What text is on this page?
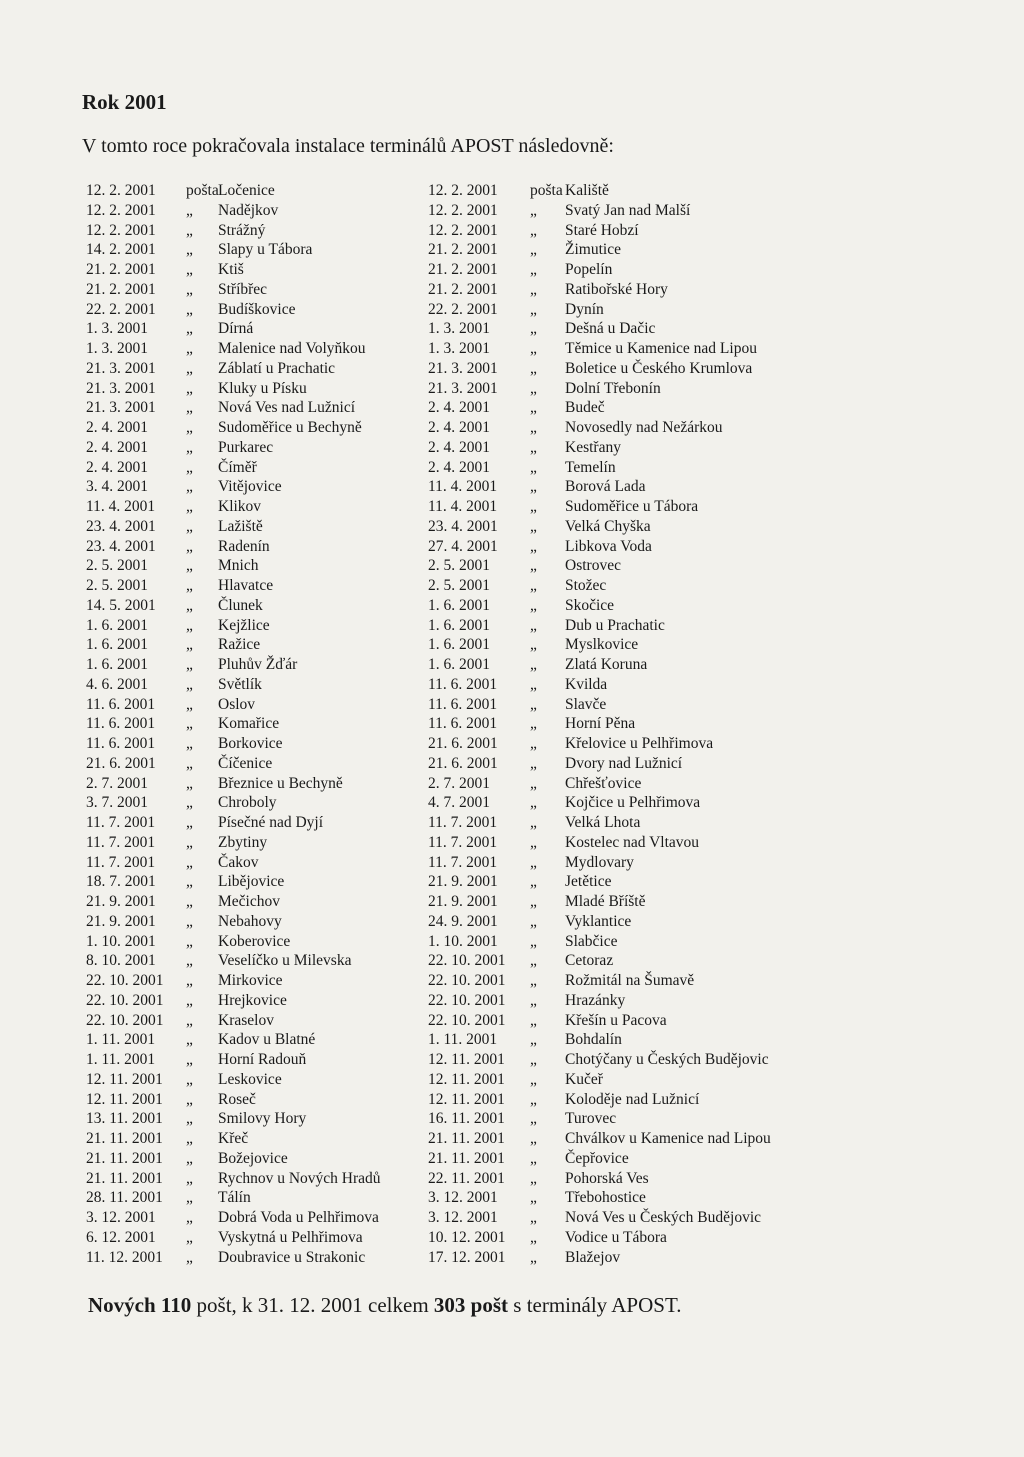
Rok 2001
V tomto roce pokračovala instalace terminálů APOST následovně:
12. 2. 2001 pošta Ločenice
12. 2. 2001 „ Nadějkov
12. 2. 2001 „ Strážný
14. 2. 2001 „ Slapy u Tábora
21. 2. 2001 „ Ktiš
21. 2. 2001 „ Stříbřec
22. 2. 2001 „ Budíškovice
1. 3. 2001 „ Dírná
1. 3. 2001 „ Malenice nad Volyňkou
21. 3. 2001 „ Záblatí u Prachatic
21. 3. 2001 „ Kluky u Písku
21. 3. 2001 „ Nová Ves nad Lužnicí
2. 4. 2001 „ Sudoměřice u Bechyně
2. 4. 2001 „ Purkarec
2. 4. 2001 „ Číměř
3. 4. 2001 „ Vitějovice
11. 4. 2001 „ Klikov
23. 4. 2001 „ Lažiště
23. 4. 2001 „ Radenín
2. 5. 2001 „ Mnich
2. 5. 2001 „ Hlavatce
14. 5. 2001 „ Člunek
1. 6. 2001 „ Kejžlice
1. 6. 2001 „ Ražice
1. 6. 2001 „ Pluhův Žďár
4. 6. 2001 „ Světlík
11. 6. 2001 „ Oslov
11. 6. 2001 „ Komařice
11. 6. 2001 „ Borkovice
21. 6. 2001 „ Číčenice
2. 7. 2001 „ Březnice u Bechyně
3. 7. 2001 „ Chroboly
11. 7. 2001 „ Písečné nad Dyjí
11. 7. 2001 „ Zbytiny
11. 7. 2001 „ Čakov
18. 7. 2001 „ Libějovice
21. 9. 2001 „ Mečichov
21. 9. 2001 „ Nebahovy
1. 10. 2001 „ Koberovice
8. 10. 2001 „ Veselíčko u Milevska
22. 10. 2001 „ Mirkovice
22. 10. 2001 „ Hrejkovice
22. 10. 2001 „ Kraselov
1. 11. 2001 „ Kadov u Blatné
1. 11. 2001 „ Horní Radouň
12. 11. 2001 „ Leskovice
12. 11. 2001 „ Roseč
13. 11. 2001 „ Smilovy Hory
21. 11. 2001 „ Křeč
21. 11. 2001 „ Božejovice
21. 11. 2001 „ Rychnov u Nových Hradů
28. 11. 2001 „ Tálín
3. 12. 2001 „ Dobrá Voda u Pelhřimova
6. 12. 2001 „ Vyskytná u Pelhřimova
11. 12. 2001 „ Doubravice u Strakonic
12. 2. 2001 pošta Kaliště
12. 2. 2001 „ Svatý Jan nad Malší
12. 2. 2001 „ Staré Hobzí
21. 2. 2001 „ Žimutice
21. 2. 2001 „ Popelín
21. 2. 2001 „ Ratibořské Hory
22. 2. 2001 „ Dynín
1. 3. 2001	„ Dešná u Dačic
1. 3. 2001	„ Těmice u Kamenice nad Lipou
21. 3. 2001 „ Boletice u Českého Krumlova
21. 3. 2001 „ Dolní Třebonín
2. 4. 2001	„ Budeč
2. 4. 2001	„ Novosedly nad Nežárkou
2. 4. 2001	„ Kestřany
2. 4. 2001	„ Temelín
11. 4. 2001 „ Borová Lada
11. 4. 2001 „ Sudoměřice u Tábora
23. 4. 2001 „ Velká Chyška
27. 4. 2001 „ Libkova Voda
2. 5. 2001	„ Ostrovec
2. 5. 2001	„ Stožec
1. 6. 2001	„ Skočice
1. 6. 2001	„ Dub u Prachatic
1. 6. 2001	„ Myslkovice
1. 6. 2001	„ Zlatá Koruna
11. 6. 2001 „ Kvilda
11. 6. 2001 „ Slavče
11. 6. 2001 „ Horní Pěna
21. 6. 2001 „ Křelovice u Pelhřimova
21. 6. 2001 „ Dvory nad Lužnicí
2. 7. 2001	„ Chřešťovice
4. 7. 2001	„ Kojčice u Pelhřimova
11. 7. 2001 „ Velká Lhota
11. 7. 2001 „ Kostelec nad Vltavou
11. 7. 2001 „ Mydlovary
21. 9. 2001 „ Jetětice
21. 9. 2001 „ Mladé Bříště
24. 9. 2001 „ Vyklantice
1. 10. 2001 „ Slabčice
22. 10. 2001 „ Cetoraz
22. 10. 2001 „ Rožmitál na Šumavě
22. 10. 2001 „ Hrazánky
22. 10. 2001 „ Křešín u Pacova
1. 11. 2001 „ Bohdalín
12. 11. 2001 „ Chotýčany u Českých Budějovic
12. 11. 2001 „ Kučeř
12. 11. 2001 „ Koloděje nad Lužnicí
16. 11. 2001 „ Turovec
21. 11. 2001 „ Chválkov u Kamenice nad Lipou
21. 11. 2001 „ Čepřovice
22. 11. 2001 „ Pohorská Ves
3. 12. 2001 „ Třebohostice
3. 12. 2001 „ Nová Ves u Českých Budějovic
10. 12. 2001 „ Vodice u Tábora
17. 12. 2001 „ Blažejov
Nových 110 pošt, k 31. 12. 2001 celkem 303 pošt s terminály APOST.
